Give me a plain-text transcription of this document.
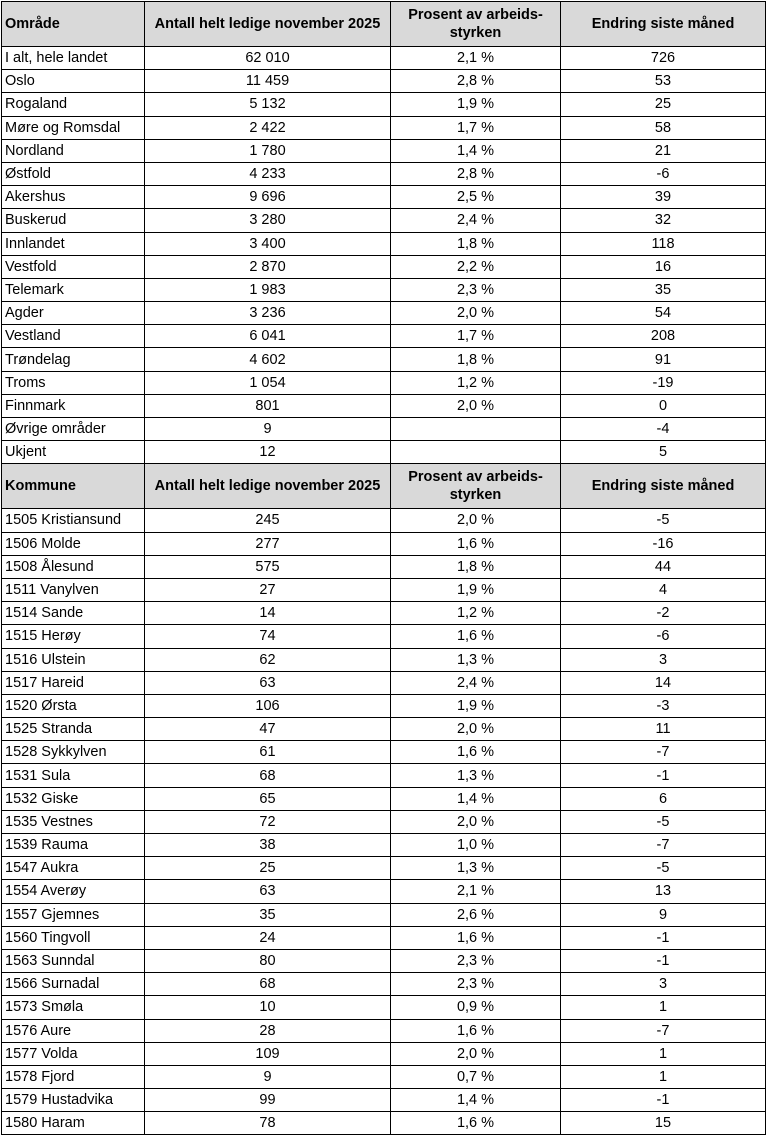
Område	Antall helt ledige november 2025	Prosent av arbeids-styrken	Endring siste måned
I alt, hele landet	62 010	2,1 %	726
Oslo	11 459	2,8 %	53
Rogaland	5 132	1,9 %	25
Møre og Romsdal	2 422	1,7 %	58
Nordland	1 780	1,4 %	21
Østfold	4 233	2,8 %	-6
Akershus	9 696	2,5 %	39
Buskerud	3 280	2,4 %	32
Innlandet	3 400	1,8 %	118
Vestfold	2 870	2,2 %	16
Telemark	1 983	2,3 %	35
Agder	3 236	2,0 %	54
Vestland	6 041	1,7 %	208
Trøndelag	4 602	1,8 %	91
Troms	1 054	1,2 %	-19
Finnmark	801	2,0 %	0
Øvrige områder	9		-4
Ukjent	12		5
Kommune	Antall helt ledige november 2025	Prosent av arbeids-styrken	Endring siste måned
1505 Kristiansund	245	2,0 %	-5
1506 Molde	277	1,6 %	-16
1508 Ålesund	575	1,8 %	44
1511 Vanylven	27	1,9 %	4
1514 Sande	14	1,2 %	-2
1515 Herøy	74	1,6 %	-6
1516 Ulstein	62	1,3 %	3
1517 Hareid	63	2,4 %	14
1520 Ørsta	106	1,9 %	-3
1525 Stranda	47	2,0 %	11
1528 Sykkylven	61	1,6 %	-7
1531 Sula	68	1,3 %	-1
1532 Giske	65	1,4 %	6
1535 Vestnes	72	2,0 %	-5
1539 Rauma	38	1,0 %	-7
1547 Aukra	25	1,3 %	-5
1554 Averøy	63	2,1 %	13
1557 Gjemnes	35	2,6 %	9
1560 Tingvoll	24	1,6 %	-1
1563 Sunndal	80	2,3 %	-1
1566 Surnadal	68	2,3 %	3
1573 Smøla	10	0,9 %	1
1576 Aure	28	1,6 %	-7
1577 Volda	109	2,0 %	1
1578 Fjord	9	0,7 %	1
1579 Hustadvika	99	1,4 %	-1
1580 Haram	78	1,6 %	15
